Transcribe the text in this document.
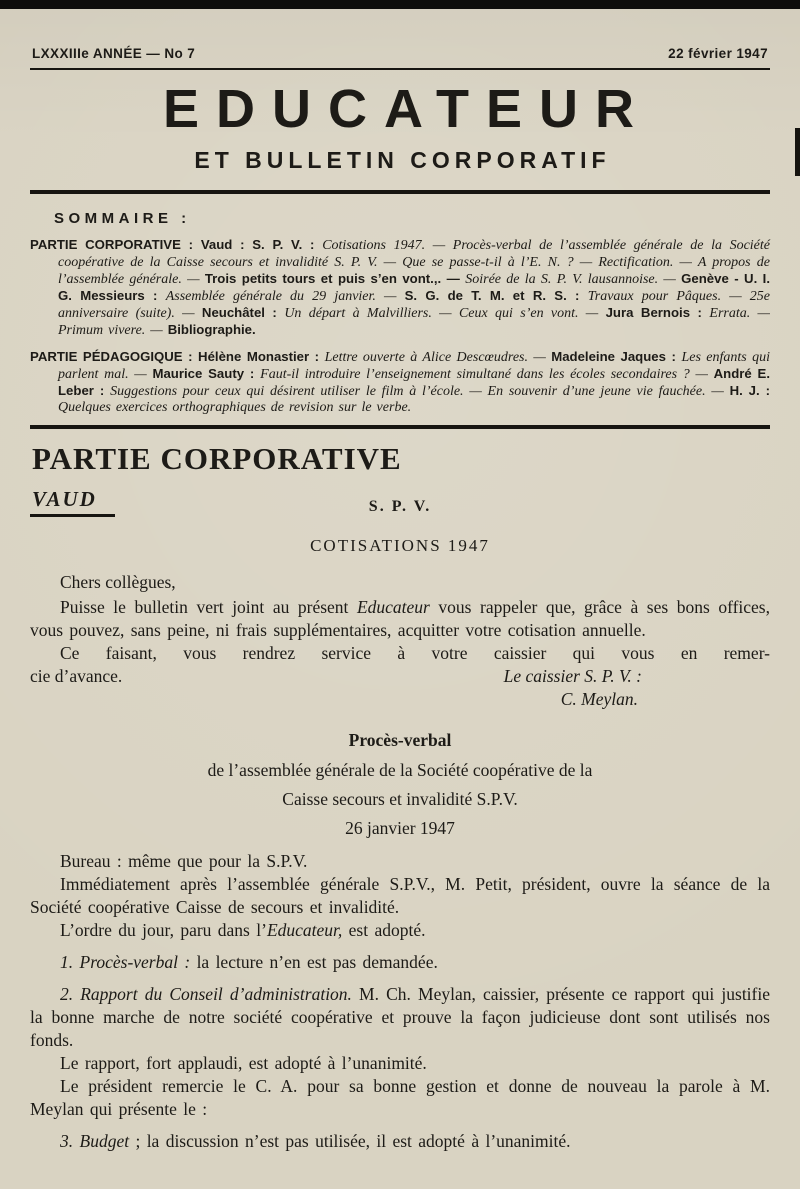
LXXXIIIe ANNÉE — No 7	22 février 1947
EDUCATEUR
ET BULLETIN CORPORATIF
SOMMAIRE :

PARTIE CORPORATIVE : Vaud : S. P. V. : Cotisations 1947. — Procès-verbal de l’assemblée générale de la Société coopérative de la Caisse secours et invalidité S. P. V. — Que se passe-t-il à l’E. N. ? — Rectification. — A propos de l’assemblée générale. — Trois petits tours et puis s’en vont.,. — Soirée de la S. P. V. lausannoise. — Genève - U. I. G. Messieurs : Assemblée générale du 29 janvier. — S. G. de T. M. et R. S. : Travaux pour Pâques. — 25e anniversaire (suite). — Neuchâtel : Un départ à Malvilliers. — Ceux qui s’en vont. — Jura Bernois : Errata. — Primum vivere. — Bibliographie.

PARTIE PÉDAGOGIQUE : Hélène Monastier : Lettre ouverte à Alice Descœudres. — Madeleine Jaques : Les enfants qui parlent mal. — Maurice Sauty : Faut-il introduire l’enseignement simultané dans les écoles secondaires ? — André E. Leber : Suggestions pour ceux qui désirent utiliser le film à l’école. — En souvenir d’une jeune vie fauchée. — H. J. : Quelques exercices orthographiques de revision sur le verbe.

PARTIE CORPORATIVE
VAUD	S. P. V.
COTISATIONS 1947

Chers collègues,

Puisse le bulletin vert joint au présent Educateur vous rappeler que, grâce à ses bons offices, vous pouvez, sans peine, ni frais supplémentaires, acquitter votre cotisation annuelle.

Ce faisant, vous rendrez service à votre caissier qui vous en remer-
cie d’avance.	Le caissier S. P. V. :
C. Meylan.
Procès-verbal
de l’assemblée générale de la Société coopérative de la
Caisse secours et invalidité S.P.V.
26 janvier 1947

Bureau : même que pour la S.P.V.

Immédiatement après l’assemblée générale S.P.V., M. Petit, président, ouvre la séance de la Société coopérative Caisse de secours et invalidité.

L’ordre du jour, paru dans l’Educateur, est adopté.

1. Procès-verbal : la lecture n’en est pas demandée.

2. Rapport du Conseil d’administration. M. Ch. Meylan, caissier, présente ce rapport qui justifie la bonne marche de notre société coopérative et prouve la façon judicieuse dont sont utilisés nos fonds.

Le rapport, fort applaudi, est adopté à l’unanimité.

Le président remercie le C. A. pour sa bonne gestion et donne de nouveau la parole à M. Meylan qui présente le :

3. Budget ; la discussion n’est pas utilisée, il est adopté à l’unanimité.
